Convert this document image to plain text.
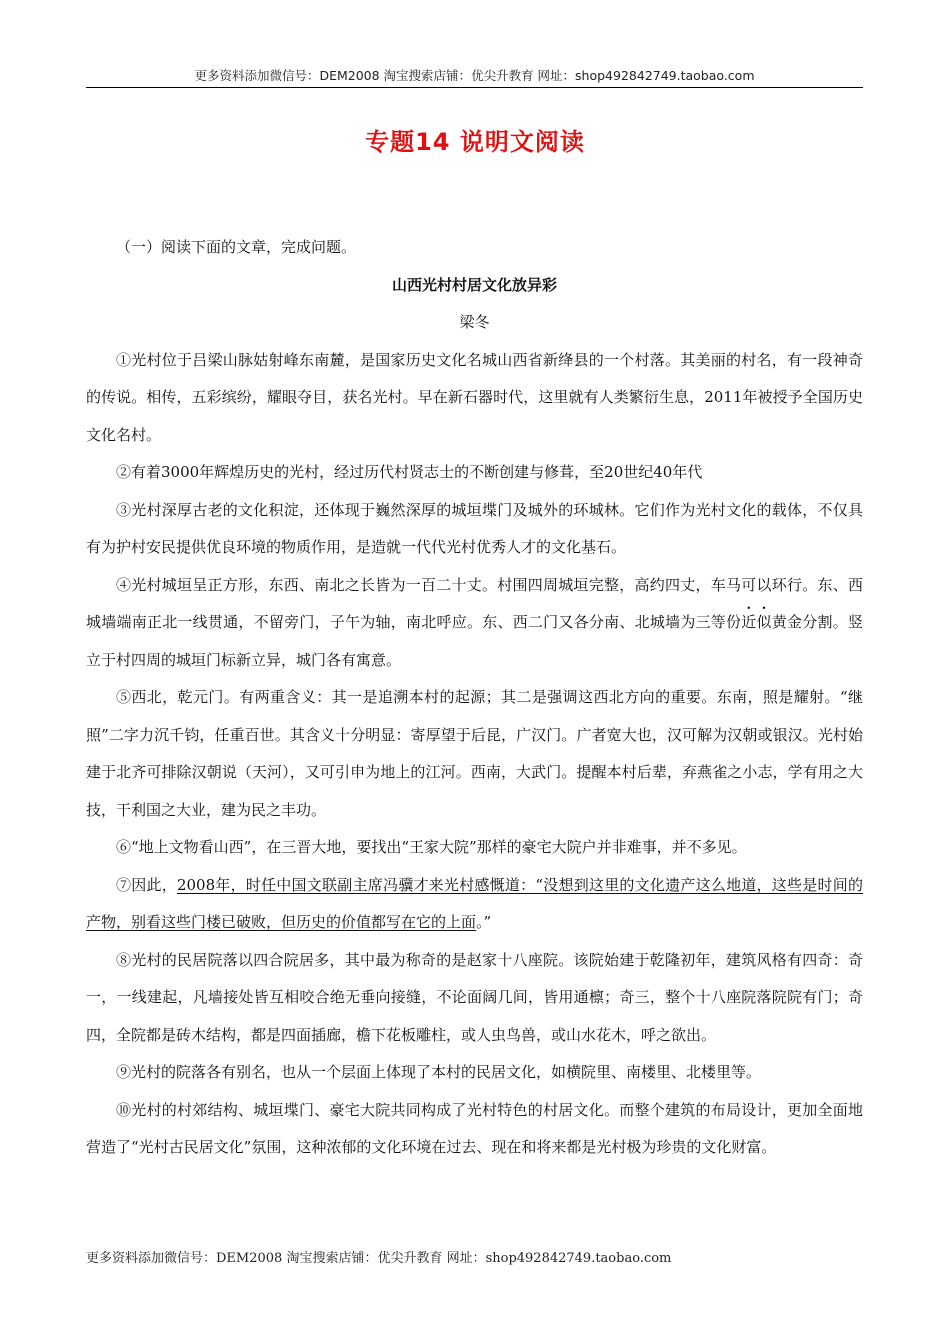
更多资料添加微信号：DEM2008 淘宝搜索店铺：优尖升教育 网址：shop492842749.taobao.com
专题14 说明文阅读

（一）阅读下面的文章，完成问题。

山西光村村居文化放异彩

梁冬

①光村位于吕梁山脉姑射峰东南麓，是国家历史文化名城山西省新绛县的一个村落。其美丽的村名，有一段神奇的传说。相传，五彩缤纷，耀眼夺目，获名光村。早在新石器时代，这里就有人类繁衍生息，2011年被授予全国历史文化名村。

②有着3000年辉煌历史的光村，经过历代村贤志士的不断创建与修葺，至20世纪40年代

③光村深厚古老的文化积淀，还体现于巍然深厚的城垣堞门及城外的环城林。它们作为光村文化的载体，不仅具有为护村安民提供优良环境的物质作用，是造就一代代光村优秀人才的文化基石。

④光村城垣呈正方形，东西、南北之长皆为一百二十丈。村围四周城垣完整，高约四丈，车马可以环行。东、西城墙端南正北一线贯通，不留旁门，子午为轴，南北呼应。东、西二门又各分南、北城墙为三等份近似黄金分割。竖立于村四周的城垣门标新立异，城门各有寓意。

⑤西北，乾元门。有两重含义：其一是追溯本村的起源；其二是强调这西北方向的重要。东南，照是耀射。“继照”二字力沉千钧，任重百世。其含义十分明显：寄厚望于后昆，广汉门。广者宽大也，汉可解为汉朝或银汉。光村始建于北齐可排除汉朝说（天河），又可引申为地上的江河。西南，大武门。提醒本村后辈，弃燕雀之小志，学有用之大技，干利国之大业，建为民之丰功。

⑥“地上文物看山西”，在三晋大地，要找出“王家大院”那样的豪宅大院户并非难事，并不多见。

⑦因此，2008年，时任中国文联副主席冯骥才来光村感慨道：“没想到这里的文化遗产这么地道，这些是时间的产物，别看这些门楼已破败，但历史的价值都写在它的上面。”

⑧光村的民居院落以四合院居多，其中最为称奇的是赵家十八座院。该院始建于乾隆初年，建筑风格有四奇：奇一，一线建起，凡墙接处皆互相咬合绝无垂向接缝，不论面阔几间，皆用通檩；奇三，整个十八座院落院院有门；奇四，全院都是砖木结构，都是四面插廊，檐下花板雕柱，或人虫鸟兽，或山水花木，呼之欲出。

⑨光村的院落各有别名，也从一个层面上体现了本村的民居文化，如横院里、南楼里、北楼里等。

⑩光村的村郊结构、城垣堞门、豪宅大院共同构成了光村特色的村居文化。而整个建筑的布局设计，更加全面地营造了“光村古民居文化”氛围，这种浓郁的文化环境在过去、现在和将来都是光村极为珍贵的文化财富。

更多资料添加微信号：DEM2008 淘宝搜索店铺：优尖升教育 网址：shop492842749.taobao.com
